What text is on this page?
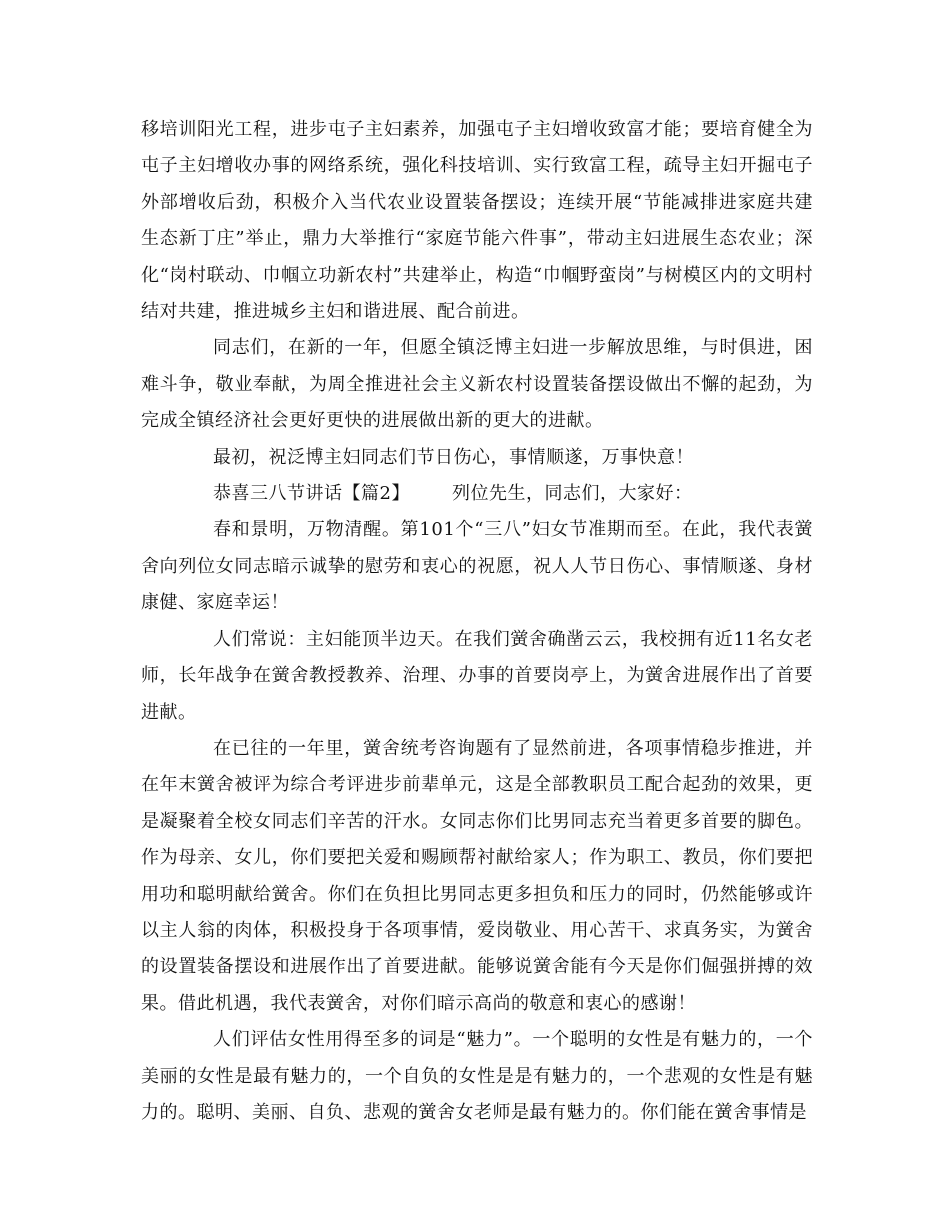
移培训阳光工程，进步屯子主妇素养，加强屯子主妇增收致富才能；要培育健全为屯子主妇增收办事的网络系统，强化科技培训、实行致富工程，疏导主妇开掘屯子外部增收后劲，积极介入当代农业设置装备摆设；连续开展“节能减排进家庭共建生态新丁庄”举止，鼎力大举推行“家庭节能六件事”，带动主妇进展生态农业；深化“岗村联动、巾帼立功新农村”共建举止，构造“巾帼野蛮岗”与树模区内的文明村结对共建，推进城乡主妇和谐进展、配合前进。

同志们，在新的一年，但愿全镇泛博主妇进一步解放思维，与时俱进，困难斗争，敬业奉献，为周全推进社会主义新农村设置装备摆设做出不懈的起劲，为完成全镇经济社会更好更快的进展做出新的更大的进献。

最初，祝泛博主妇同志们节日伤心，事情顺遂，万事快意！

恭喜三八节讲话【篇2】 列位先生，同志们，大家好：

春和景明，万物清醒。第101个“三八”妇女节准期而至。在此，我代表黉舍向列位女同志暗示诚挚的慰劳和衷心的祝愿，祝人人节日伤心、事情顺遂、身材康健、家庭幸运！

人们常说：主妇能顶半边天。在我们黉舍确凿云云，我校拥有近11名女老师，长年战争在黉舍教授教养、治理、办事的首要岗亭上，为黉舍进展作出了首要进献。

在已往的一年里，黉舍统考咨询题有了显然前进，各项事情稳步推进，并在年末黉舍被评为综合考评进步前辈单元，这是全部教职员工配合起劲的效果，更是凝聚着全校女同志们辛苦的汗水。女同志你们比男同志充当着更多首要的脚色。作为母亲、女儿，你们要把关爱和赐顾帮衬献给家人；作为职工、教员，你们要把用功和聪明献给黉舍。你们在负担比男同志更多担负和压力的同时，仍然能够或许以主人翁的肉体，积极投身于各项事情，爱岗敬业、用心苦干、求真务实，为黉舍的设置装备摆设和进展作出了首要进献。能够说黉舍能有今天是你们倔强拼搏的效果。借此机遇，我代表黉舍，对你们暗示高尚的敬意和衷心的感谢！

人们评估女性用得至多的词是“魅力”。一个聪明的女性是有魅力的，一个美丽的女性是最有魅力的，一个自负的女性是是有魅力的，一个悲观的女性是有魅力的。聪明、美丽、自负、悲观的黉舍女老师是最有魅力的。你们能在黉舍事情是
